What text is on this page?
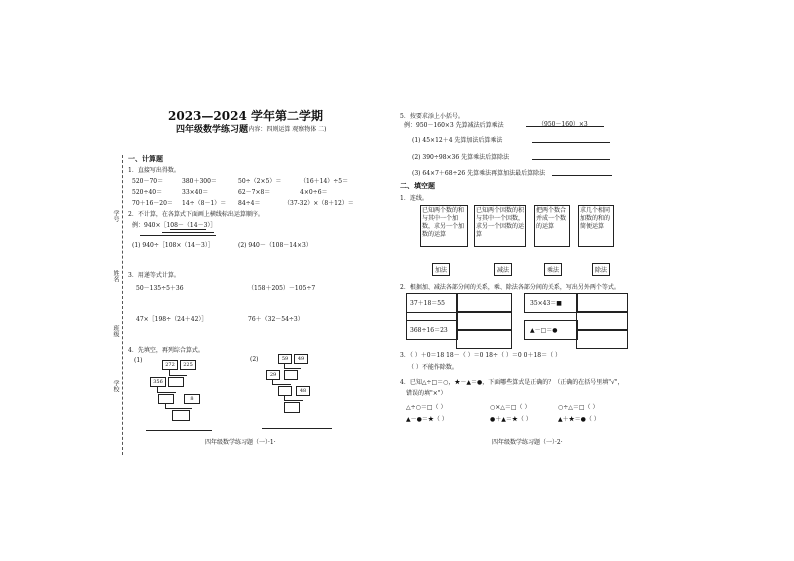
学号
姓名
班级
学校
2023—2024 学年第二学期
四年级数学练习题
(内容：四则运算 观察物体 二)
一、计算题
1．直接写出得数。
520－70＝	380＋300＝	50÷（2×5）＝	（16＋14）÷5＝
520÷40＝	33×40＝	62－7×8＝	4×0÷6＝
70＋16－20＝ 14÷（8－1）＝ 84÷4＝	（37-32）×（8＋12）＝
2．不计算，在各算式下面画上横线标出运算顺序。
例：940×［108－（14－3）］
(1) 940÷［108×（14－3）］	(2) 940－（108－14×3）
3．用递等式计算。
50－135÷5＋36	（158＋205）－105÷7
47×［198÷（24＋42）］	76＋（32－54÷3）
4．先填空，再列综合算式。
(1)	(2)
272	225
356
8
59	49
29
48
四年级数学练习题（一）·1·
5．按要求添上小括号。
例：950－160×3 先算减法后算乘法	（950－160）×3
(1) 45×12＋4 先算加法后算乘法
(2) 390÷98×36 先算乘法后算除法
(3) 64×7＋68÷26 先算乘法再算加法最后算除法
二、填空题
1．连线。
已知两个数的和与其中一个加数，求另一个加数的运算
已知两个因数的积与其中一个因数，求另一个因数的运算
把两个数合并成一个数的运算
求几个相同加数的和的简便运算
加法	减法	乘法	除法
2．根据加、减法各部分间的关系，乘、除法各部分间的关系，写出另外两个等式。
37＋18＝55
368÷16＝23
35×43＝■
▲－□＝●
3．（ ）＋0＝18 18－（ ）＝0 18÷（ ）＝0 0＋18＝（ ）
（ ）不能作除数。
4．已知△÷□＝○，★－▲＝●，下面哪些算式是正确的？（正确的在括号里填"√"，
错误的填"×"）
△÷○＝□（ ）	○×△＝□（ ）	○÷△＝□（ ）
▲－●＝★（ ）	●＋▲＝★（ ）	▲＋★＝●（ ）
四年级数学练习题（一）·2·
